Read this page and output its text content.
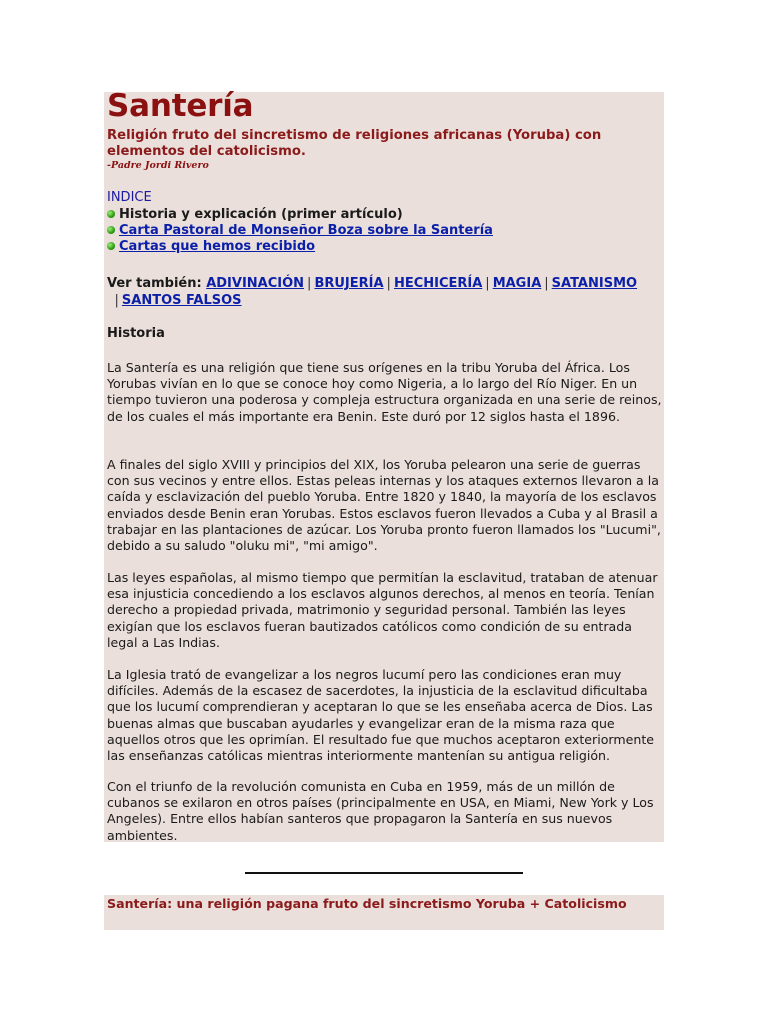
Santería

Religión fruto del sincretismo de religiones africanas (Yoruba) con elementos del catolicismo.

-Padre Jordi Rivero

INDICE

Historia y explicación (primer artículo)
Carta Pastoral de Monseñor Boza sobre la Santería
Cartas que hemos recibido

Ver también: ADIVINACIÓN | BRUJERÍA | HECHICERÍA | MAGIA | SATANISMO
| SANTOS FALSOS

Historia

La Santería es una religión que tiene sus orígenes en la tribu Yoruba del África. Los Yorubas vivían en lo que se conoce hoy como Nigeria, a lo largo del Río Niger. En un tiempo tuvieron una poderosa y compleja estructura organizada en una serie de reinos, de los cuales el más importante era Benin. Este duró por 12 siglos hasta el 1896.

A finales del siglo XVIII y principios del XIX, los Yoruba pelearon una serie de guerras con sus vecinos y entre ellos. Estas peleas internas y los ataques externos llevaron a la caída y esclavización del pueblo Yoruba. Entre 1820 y 1840, la mayoría de los esclavos enviados desde Benin eran Yorubas. Estos esclavos fueron llevados a Cuba y al Brasil a trabajar en las plantaciones de azúcar. Los Yoruba pronto fueron llamados los "Lucumi", debido a su saludo "oluku mi", "mi amigo".

Las leyes españolas, al mismo tiempo que permitían la esclavitud, trataban de atenuar esa injusticia concediendo a los esclavos algunos derechos, al menos en teoría. Tenían derecho a propiedad privada, matrimonio y seguridad personal. También las leyes exigían que los esclavos fueran bautizados católicos como condición de su entrada legal a Las Indias.

La Iglesia trató de evangelizar a los negros lucumí pero las condiciones eran muy difíciles. Además de la escasez de sacerdotes, la injusticia de la esclavitud dificultaba que los lucumí comprendieran y aceptaran lo que se les enseñaba acerca de Dios. Las buenas almas que buscaban ayudarles y evangelizar eran de la misma raza que aquellos otros que les oprimían. El resultado fue que muchos aceptaron exteriormente las enseñanzas católicas mientras interiormente mantenían su antigua religión.

Con el triunfo de la revolución comunista en Cuba en 1959, más de un millón de cubanos se exilaron en otros países (principalmente en USA, en Miami, New York y Los Angeles). Entre ellos habían santeros que propagaron la Santería en sus nuevos ambientes.

Santería: una religión pagana fruto del sincretismo Yoruba + Catolicismo
